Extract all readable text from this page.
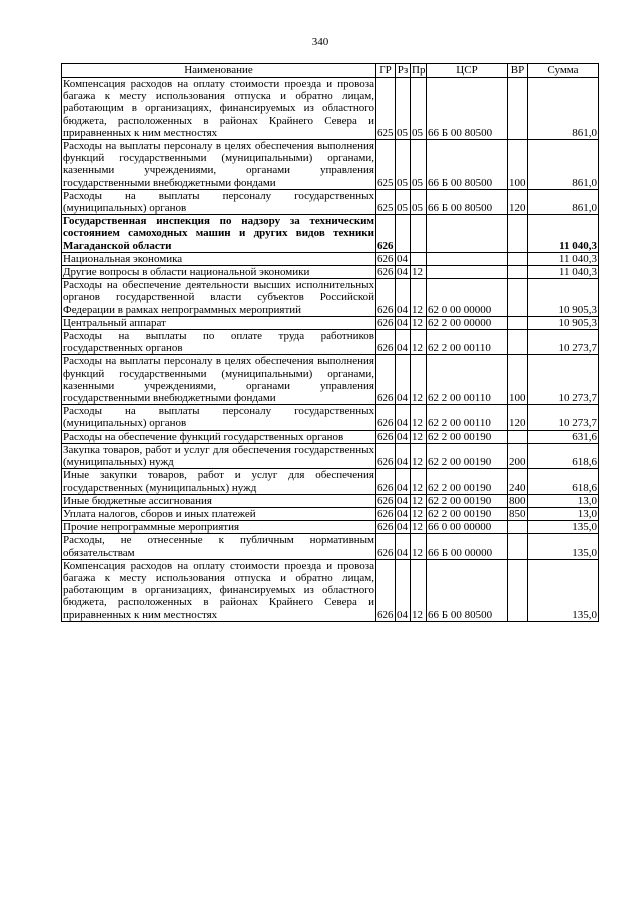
340
Наименование	ГР	Рз	Пр	ЦСР	ВР	Сумма
Компенсация расходов на оплату стоимости проезда и провоза багажа к месту использования отпуска и обратно лицам, работающим в организациях, финансируемых из областного бюджета, расположенных в районах Крайнего Севера и приравненных к ним местностях	625	05	05	66 Б 00 80500		861,0
Расходы на выплаты персоналу в целях обеспечения выполнения функций государственными (муниципальными) органами, казенными учреждениями, органами управления государственными внебюджетными фондами	625	05	05	66 Б 00 80500	100	861,0
Расходы на выплаты персоналу государственных (муниципальных) органов	625	05	05	66 Б 00 80500	120	861,0
Государственная инспекция по надзору за техническим состоянием самоходных машин и других видов техники Магаданской области	626					11 040,3
Национальная экономика	626	04				11 040,3
Другие вопросы в области национальной экономики	626	04	12			11 040,3
Расходы на обеспечение деятельности высших исполнительных органов государственной власти субъектов Российской Федерации в рамках непрограммных мероприятий	626	04	12	62 0 00 00000		10 905,3
Центральный аппарат	626	04	12	62 2 00 00000		10 905,3
Расходы на выплаты по оплате труда работников государственных органов	626	04	12	62 2 00 00110		10 273,7
Расходы на выплаты персоналу в целях обеспечения выполнения функций государственными (муниципальными) органами, казенными учреждениями, органами управления государственными внебюджетными фондами	626	04	12	62 2 00 00110	100	10 273,7
Расходы на выплаты персоналу государственных (муниципальных) органов	626	04	12	62 2 00 00110	120	10 273,7
Расходы на обеспечение функций государственных органов	626	04	12	62 2 00 00190		631,6
Закупка товаров, работ и услуг для обеспечения государственных (муниципальных) нужд	626	04	12	62 2 00 00190	200	618,6
Иные закупки товаров, работ и услуг для обеспечения государственных (муниципальных) нужд	626	04	12	62 2 00 00190	240	618,6
Иные бюджетные ассигнования	626	04	12	62 2 00 00190	800	13,0
Уплата налогов, сборов и иных платежей	626	04	12	62 2 00 00190	850	13,0
Прочие непрограммные мероприятия	626	04	12	66 0 00 00000		135,0
Расходы, не отнесенные к публичным нормативным обязательствам	626	04	12	66 Б 00 00000		135,0
Компенсация расходов на оплату стоимости проезда и провоза багажа к месту использования отпуска и обратно лицам, работающим в организациях, финансируемых из областного бюджета, расположенных в районах Крайнего Севера и приравненных к ним местностях	626	04	12	66 Б 00 80500		135,0
